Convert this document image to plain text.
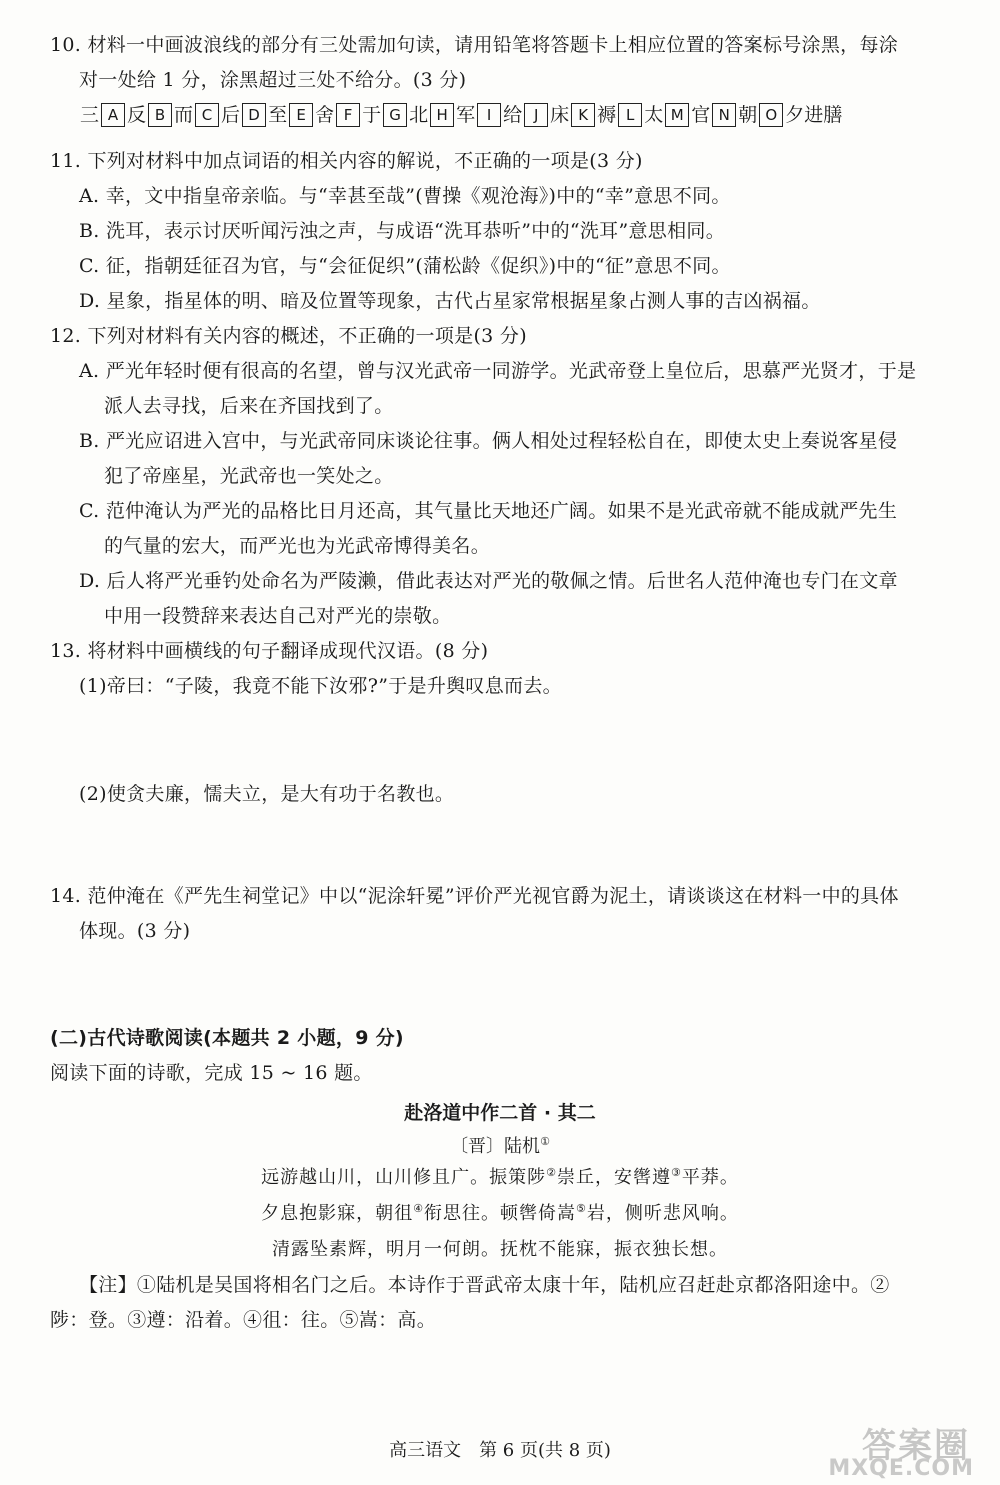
10. 材料一中画波浪线的部分有三处需加句读，请用铅笔将答题卡上相应位置的答案标号涂黑，每涂
对一处给 1 分，涂黑超过三处不给分。(3 分)
三 A 反 B 而 C 后 D 至 E 舍 F 于 G 北 H 军 I 给 J 床 K 褥 L 太 M 官 N 朝 O 夕进膳
11. 下列对材料中加点词语的相关内容的解说，不正确的一项是(3 分)
A. 幸，文中指皇帝亲临。与“幸甚至哉”(曹操《观沧海》)中的“幸”意思不同。
B. 洗耳，表示讨厌听闻污浊之声，与成语“洗耳恭听”中的“洗耳”意思相同。
C. 征，指朝廷征召为官，与“会征促织”(蒲松龄《促织》)中的“征”意思不同。
D. 星象，指星体的明、暗及位置等现象，古代占星家常根据星象占测人事的吉凶祸福。
12. 下列对材料有关内容的概述，不正确的一项是(3 分)
A. 严光年轻时便有很高的名望，曾与汉光武帝一同游学。光武帝登上皇位后，思慕严光贤才，于是
派人去寻找，后来在齐国找到了。
B. 严光应诏进入宫中，与光武帝同床谈论往事。俩人相处过程轻松自在，即使太史上奏说客星侵
犯了帝座星，光武帝也一笑处之。
C. 范仲淹认为严光的品格比日月还高，其气量比天地还广阔。如果不是光武帝就不能成就严先生
的气量的宏大，而严光也为光武帝博得美名。
D. 后人将严光垂钓处命名为严陵濑，借此表达对严光的敬佩之情。后世名人范仲淹也专门在文章
中用一段赞辞来表达自己对严光的崇敬。
13. 将材料中画横线的句子翻译成现代汉语。(8 分)
(1)帝曰：“子陵，我竟不能下汝邪?”于是升舆叹息而去。
(2)使贪夫廉，懦夫立，是大有功于名教也。
14. 范仲淹在《严先生祠堂记》中以“泥涂轩冕”评价严光视官爵为泥土，请谈谈这在材料一中的具体
体现。(3 分)
(二)古代诗歌阅读(本题共 2 小题，9 分)
阅读下面的诗歌，完成 15 ~ 16 题。
赴洛道中作二首 · 其二
〔晋〕陆机①
远游越山川，山川修且广。振策陟②崇丘，安辔遵③平莽。
夕息抱影寐，朝徂④衔思往。顿辔倚嵩⑤岩，侧听悲风响。
清露坠素辉，明月一何朗。抚枕不能寐，振衣独长想。
【注】①陆机是吴国将相名门之后。本诗作于晋武帝太康十年，陆机应召赶赴京都洛阳途中。②
陟：登。③遵：沿着。④徂：往。⑤嵩：高。
高三语文　第 6 页(共 8 页)	答案圈
MXQE.COM
